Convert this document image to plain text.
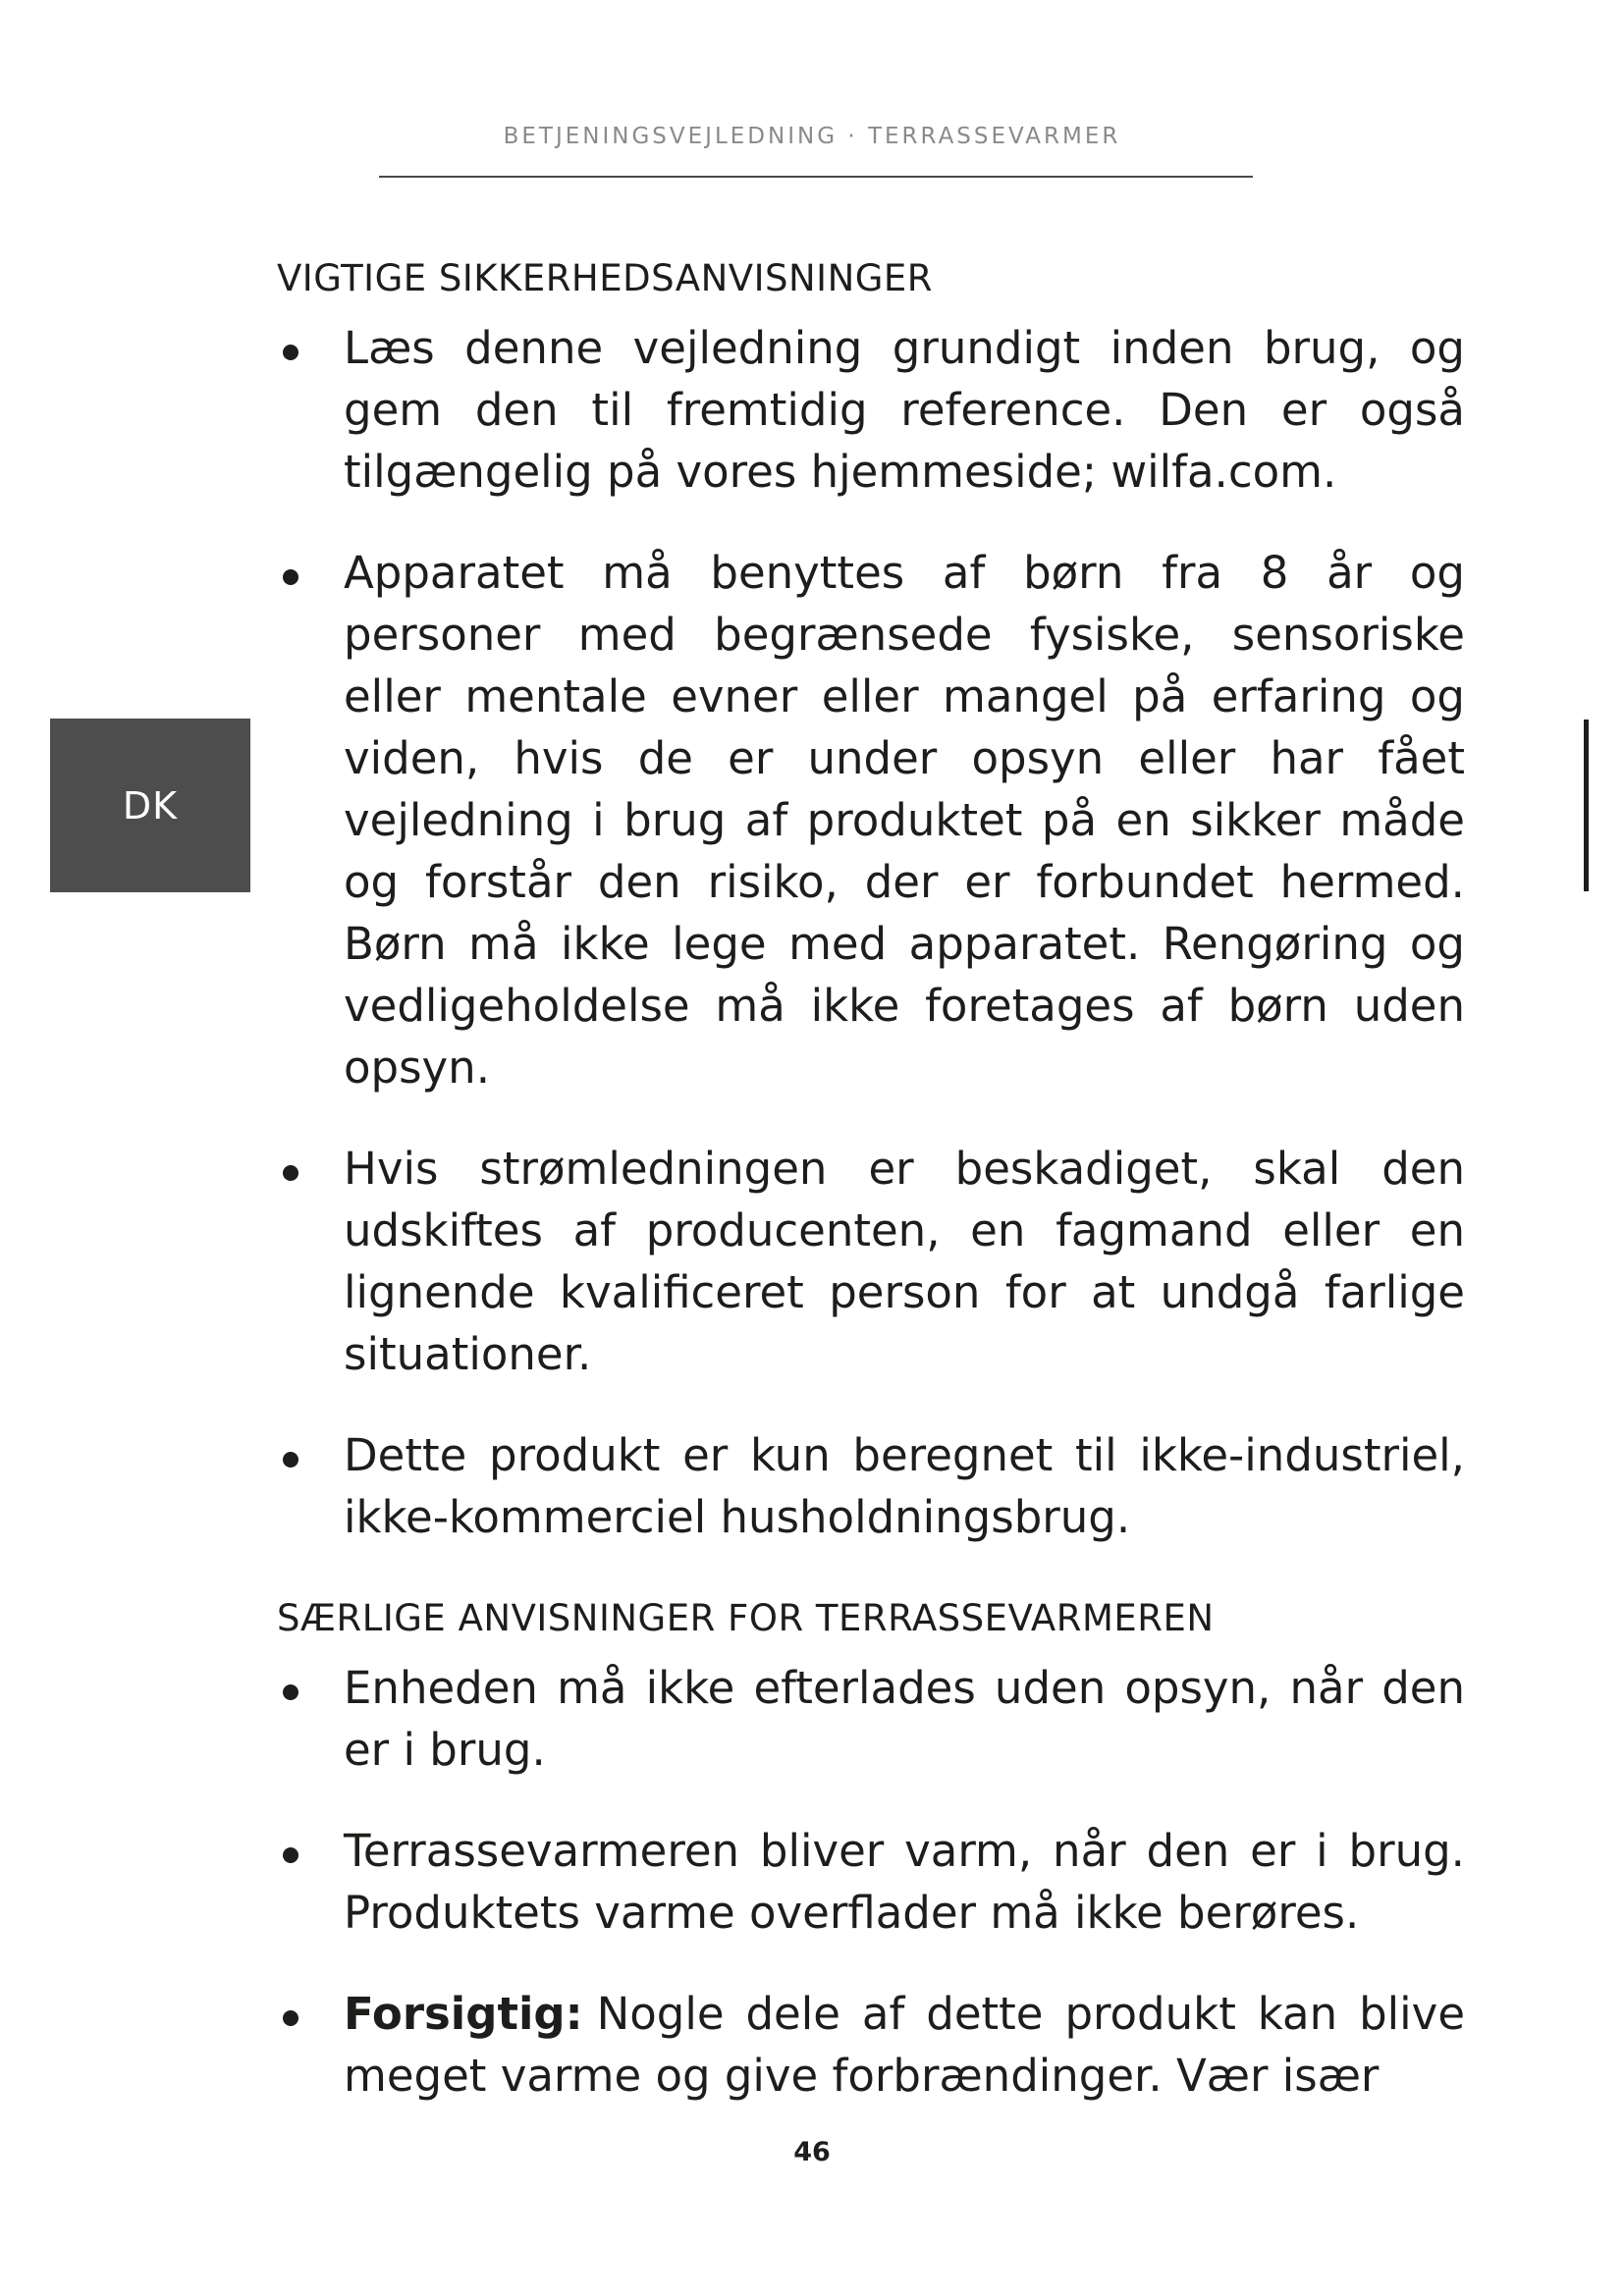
BETJENINGSVEJLEDNING · TERRASSEVARMER
DK
VIGTIGE SIKKERHEDSANVISNINGER
Læs denne vejledning grundigt inden brug, og gem den til fremtidig reference. Den er også tilgængelig på vores hjemmeside; wilfa.com.
Apparatet må benyttes af børn fra 8 år og personer med begrænsede fysiske, sensoriske eller mentale evner eller mangel på erfaring og viden, hvis de er under opsyn eller har fået vejledning i brug af produktet på en sikker måde og forstår den risiko, der er forbundet hermed. Børn må ikke lege med apparatet. Rengøring og vedligeholdelse må ikke foretages af børn uden opsyn.
Hvis strømledningen er beskadiget, skal den udskiftes af producenten, en fagmand eller en lignende kvalificeret person for at undgå farlige situationer.
Dette produkt er kun beregnet til ikke-industriel, ikke-kommerciel husholdningsbrug.
SÆRLIGE ANVISNINGER FOR TERRASSEVARMEREN
Enheden må ikke efterlades uden opsyn, når den er i brug.
Terrassevarmeren bliver varm, når den er i brug. Produktets varme overflader må ikke berøres.
Forsigtig: Nogle dele af dette produkt kan blive meget varme og give forbrændinger. Vær især
46
